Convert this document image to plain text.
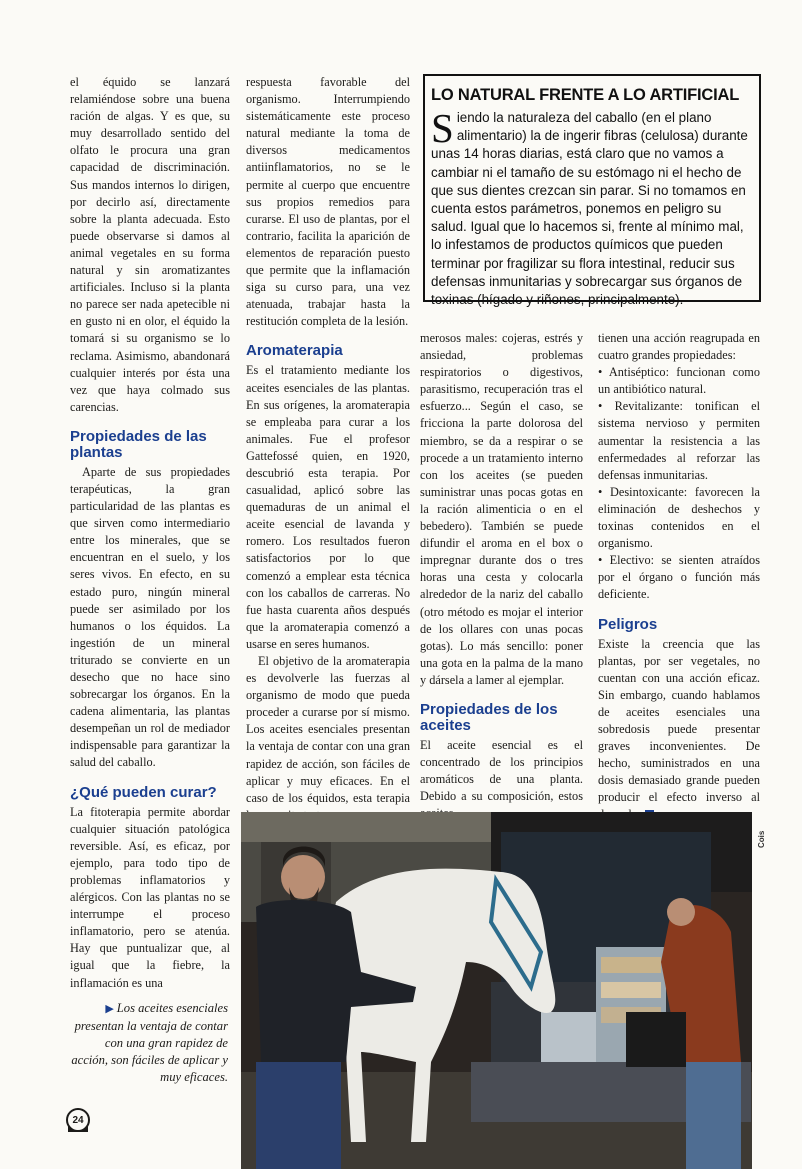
el équido se lanzará relamiéndose sobre una buena ración de algas. Y es que, su muy desarrollado sentido del olfato le procura una gran capacidad de discriminación. Sus mandos internos lo dirigen, por decirlo así, directamente sobre la planta adecuada. Esto puede observarse si damos al animal vegetales en su forma natural y sin aromatizantes artificiales. Incluso si la planta no parece ser nada apetecible ni en gusto ni en olor, el équido la tomará si su organismo se lo reclama. Asimismo, abandonará cualquier interés por ésta una vez que haya colmado sus carencias.

Propiedades de las plantas

Aparte de sus propiedades terapéuticas, la gran particularidad de las plantas es que sirven como intermediario entre los minerales, que se encuentran en el suelo, y los seres vivos. En efecto, en su estado puro, ningún mineral puede ser asimilado por los humanos o los équidos. La ingestión de un mineral triturado se convierte en un desecho que no hace sino sobrecargar los órganos. En la cadena alimentaria, las plantas desempeñan un rol de mediador indispensable para garantizar la salud del caballo.

¿Qué pueden curar?

La fitoterapia permite abordar cualquier situación patológica reversible. Así, es eficaz, por ejemplo, para todo tipo de problemas inflamatorios y alérgicos. Con las plantas no se interrumpe el proceso inflamatorio, pero se atenúa. Hay que puntualizar que, al igual que la fiebre, la inflamación es una

respuesta favorable del organismo. Interrumpiendo sistemáticamente este proceso natural mediante la toma de diversos medicamentos antiinflamatorios, no se le permite al cuerpo que encuentre sus propios remedios para curarse. El uso de plantas, por el contrario, facilita la aparición de elementos de reparación puesto que permite que la inflamación siga su curso para, una vez atenuada, trabajar hasta la restitución completa de la lesión.

Aromaterapia

Es el tratamiento mediante los aceites esenciales de las plantas. En sus orígenes, la aromaterapia se empleaba para curar a los animales. Fue el profesor Gattefossé quien, en 1920, descubrió esta terapia. Por casualidad, aplicó sobre las quemaduras de un animal el aceite esencial de lavanda y romero. Los resultados fueron satisfactorios por lo que comenzó a emplear esta técnica con los caballos de carreras. No fue hasta cuarenta años después que la aromaterapia comenzó a usarse en seres humanos.

El objetivo de la aromaterapia es devolverle las fuerzas al organismo de modo que pueda proceder a curarse por sí mismo. Los aceites esenciales presentan la ventaja de contar con una gran rapidez de acción, son fáciles de aplicar y muy eficaces. En el caso de los équidos, esta terapia

LO NATURAL FRENTE A LO ARTIFICIAL

Siendo la naturaleza del caballo (en el plano alimentario) la de ingerir fibras (celulosa) durante unas 14 horas diarias, está claro que no vamos a cambiar ni el tamaño de su estómago ni el hecho de que sus dientes crezcan sin parar. Si no tomamos en cuenta estos parámetros, ponemos en peligro su salud. Igual que lo hacemos si, frente al mínimo mal, lo infestamos de productos químicos que pueden terminar por fragilizar su flora intestinal, reducir sus defensas inmunitarias y sobrecargar sus órganos de toxinas (hígado y riñones, principalmente).

merosos males: cojeras, estrés y ansiedad, problemas respiratorios o digestivos, parasitismo, recuperación tras el esfuerzo... Según el caso, se fricciona la parte dolorosa del miembro, se da a respirar o se procede a un tratamiento interno con los aceites (se pueden suministrar unas pocas gotas en la ración alimenticia o en el bebedero). También se puede difundir el aroma en el box o impregnar durante dos o tres horas una cesta y colocarla alrededor de la nariz del caballo (otro método es mojar el interior de los ollares con unas pocas gotas). Lo más sencillo: poner una gota en la palma de la mano y dársela a lamer al ejemplar.

Propiedades de los aceites

El aceite esencial es el concentrado de los principios aromáticos de una planta. Debido a su composición, estos

tienen una acción reagrupada en cuatro grandes propiedades:

• Antiséptico: funcionan como un antibiótico natural.

• Revitalizante: tonifican el sistema nervioso y permiten aumentar la resistencia a las enfermedades al reforzar las defensas inmunitarias.

• Desintoxicante: favorecen la eliminación de deshechos y toxinas contenidos en el organismo.

• Electivo: se sienten atraídos por el órgano o función más deficiente.

Peligros

Existe la creencia que las plantas, por ser vegetales, no cuentan con una acción eficaz. Sin embargo, cuando hablamos de aceites esenciales una sobredosis puede presentar graves inconvenientes. De hecho, suministrados en una dosis demasiado grande pueden producir el efecto inverso al

Cois
▶ Los aceites esenciales presentan la ventaja de contar con una gran rapidez de acción, son fáciles de aplicar y muy eficaces.
24
